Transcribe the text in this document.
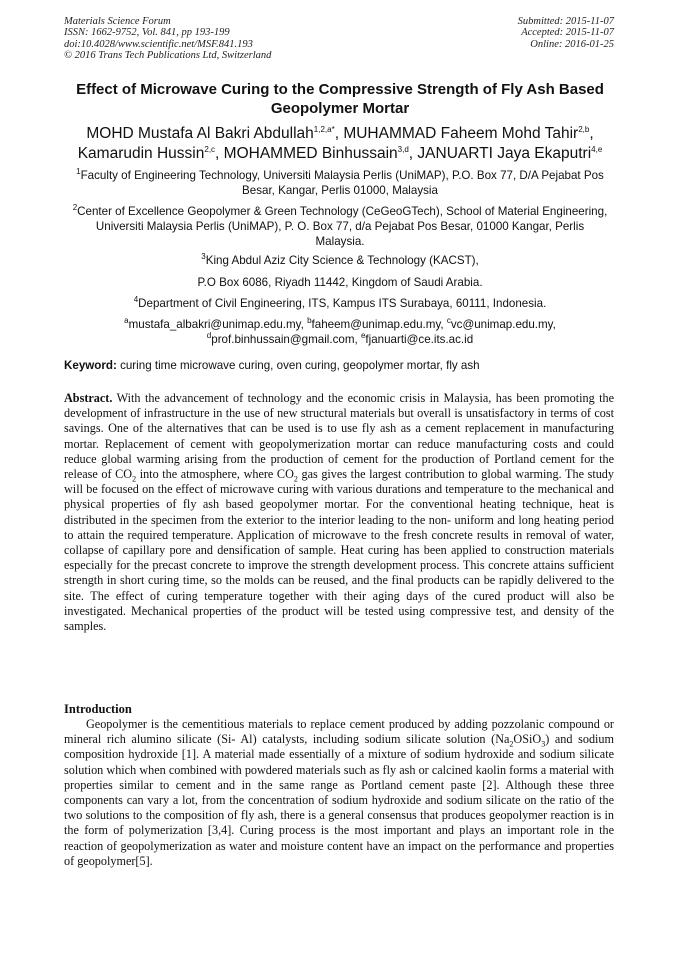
Materials Science Forum
ISSN: 1662-9752, Vol. 841, pp 193-199
doi:10.4028/www.scientific.net/MSF.841.193
© 2016 Trans Tech Publications Ltd, Switzerland
Submitted: 2015-11-07
Accepted: 2015-11-07
Online: 2016-01-25
Effect of Microwave Curing to the Compressive Strength of Fly Ash Based Geopolymer Mortar
MOHD Mustafa Al Bakri Abdullah$^{1,2,a*}$, MUHAMMAD Faheem Mohd Tahir$^{2,b}$,
Kamarudin Hussin$^{2,c}$, MOHAMMED Binhussain$^{3,d}$, JANUARTI Jaya Ekaputri$^{4,e}$
$^1$Faculty of Engineering Technology, Universiti Malaysia Perlis (UniMAP), P.O. Box 77, D/A Pejabat Pos Besar, Kangar, Perlis 01000, Malaysia
$^2$Center of Excellence Geopolymer & Green Technology (CeGeoGTech), School of Material Engineering, Universiti Malaysia Perlis (UniMAP), P. O. Box 77, d/a Pejabat Pos Besar, 01000 Kangar, Perlis Malaysia.
$^3$King Abdul Aziz City Science & Technology (KACST),
P.O Box 6086, Riyadh 11442, Kingdom of Saudi Arabia.
$^4$Department of Civil Engineering, ITS, Kampus ITS Surabaya, 60111, Indonesia.
$^a$mustafa_albakri@unimap.edu.my, $^b$faheem@unimap.edu.my, $^c$vc@unimap.edu.my,
$^d$prof.binhussain@gmail.com, $^e$fjanuarti@ce.its.ac.id
Keyword: curing time microwave curing, oven curing, geopolymer mortar, fly ash
Abstract. With the advancement of technology and the economic crisis in Malaysia, has been promoting the development of infrastructure in the use of new structural materials but overall is unsatisfactory in terms of cost savings. One of the alternatives that can be used is to use fly ash as a cement replacement in manufacturing mortar. Replacement of cement with geopolymerization mortar can reduce manufacturing costs and could reduce global warming arising from the production of cement for the production of Portland cement for the release of $CO_2$ into the atmosphere, where $CO_2$ gas gives the largest contribution to global warming. The study will be focused on the effect of microwave curing with various durations and temperature to the mechanical and physical properties of fly ash based geopolymer mortar. For the conventional heating technique, heat is distributed in the specimen from the exterior to the interior leading to the non- uniform and long heating period to attain the required temperature. Application of microwave to the fresh concrete results in removal of water, collapse of capillary pore and densification of sample. Heat curing has been applied to construction materials especially for the precast concrete to improve the strength development process. This concrete attains sufficient strength in short curing time, so the molds can be reused, and the final products can be rapidly delivered to the site. The effect of curing temperature together with their aging days of the cured product will also be investigated. Mechanical properties of the product will be tested using compressive test, and density of the samples.
Introduction
Geopolymer is the cementitious materials to replace cement produced by adding pozzolanic compound or mineral rich alumino silicate (Si- Al) catalysts, including sodium silicate solution $(Na_2OSiO_3)$ and sodium composition hydroxide [1]. A material made essentially of a mixture of sodium hydroxide and sodium silicate solution which when combined with powdered materials such as fly ash or calcined kaolin forms a material with properties similar to cement and in the same range as Portland cement paste [2]. Although these three components can vary a lot, from the concentration of sodium hydroxide and sodium silicate on the ratio of the two solutions to the composition of fly ash, there is a general consensus that produces geopolymer reaction is in the form of polymerization [3,4]. Curing process is the most important and plays an important role in the reaction of geopolymerization as water and moisture content have an impact on the performance and properties of geopolymer[5].
